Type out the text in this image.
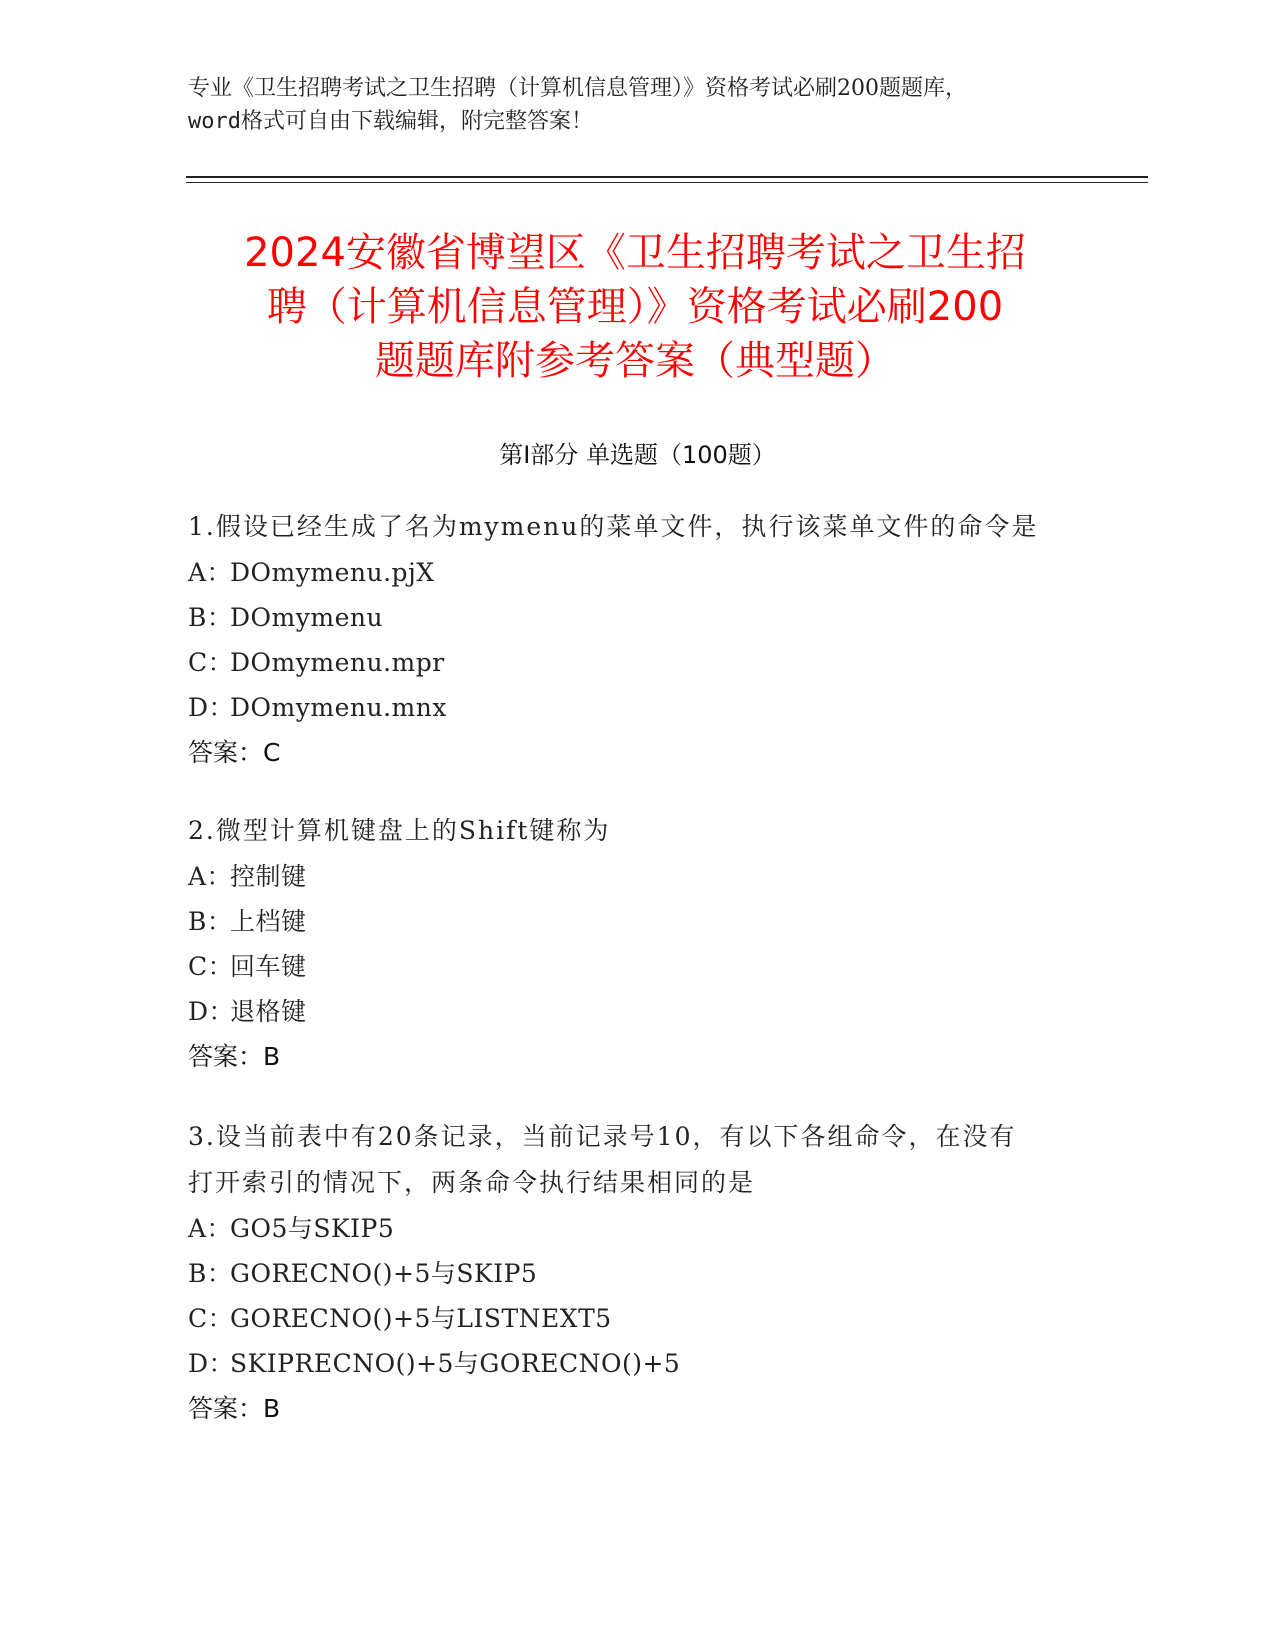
专业《卫生招聘考试之卫生招聘（计算机信息管理）》资格考试必刷200题题库，
word格式可自由下载编辑，附完整答案！
2024安徽省博望区《卫生招聘考试之卫生招
聘（计算机信息管理）》资格考试必刷200
题题库附参考答案（典型题）
第Ⅰ部分 单选题（100题）
1.假设已经生成了名为mymenu的菜单文件，执行该菜单文件的命令是
A：DOmymenu.pjX
B：DOmymenu
C：DOmymenu.mpr
D：DOmymenu.mnx
答案：C
2.微型计算机键盘上的Shift键称为
A：控制键
B：上档键
C：回车键
D：退格键
答案：B
3.设当前表中有20条记录，当前记录号10，有以下各组命令，在没有
打开索引的情况下，两条命令执行结果相同的是
A：GO5与SKIP5
B：GORECNO()+5与SKIP5
C：GORECNO()+5与LISTNEXT5
D：SKIPRECNO()+5与GORECNO()+5
答案：B
